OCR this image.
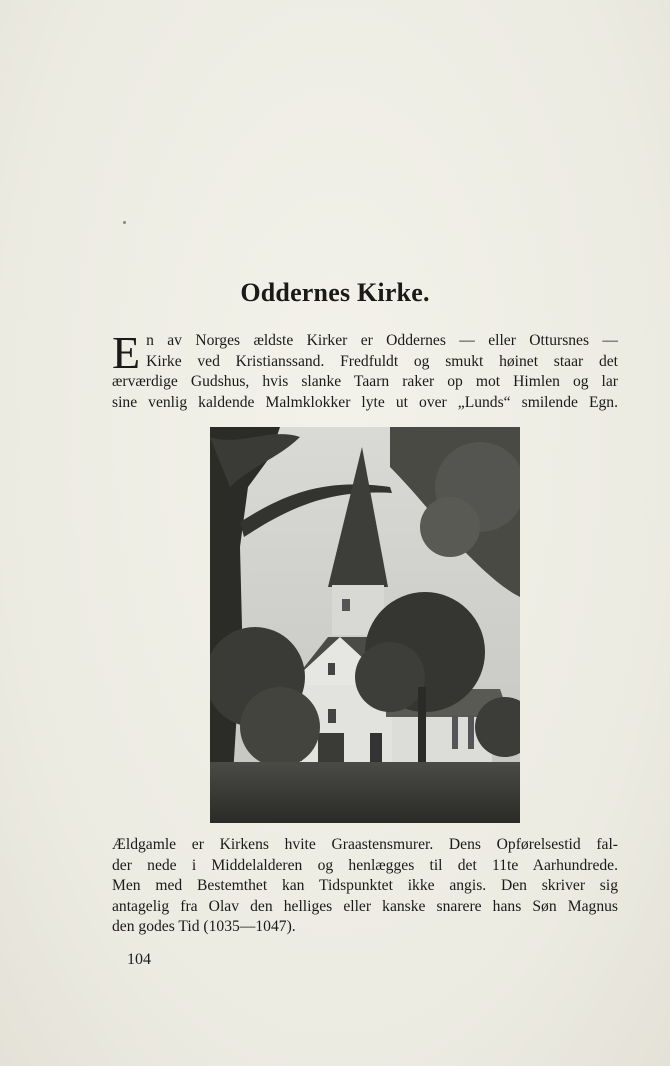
Oddernes Kirke.
E n av Norges ældste Kirker er Oddernes — eller Ottursnes —
Kirke ved Kristianssand. Fredfuldt og smukt høinet staar det
ærværdige Gudshus, hvis slanke Taarn raker op mot Himlen og lar
sine venlig kaldende Malmklokker lyte ut over „Lunds“ smilende Egn.
Ældgamle er Kirkens hvite Graastensmurer. Dens Opførelsestid fal-
der nede i Middelalderen og henlægges til det 11te Aarhundrede.
Men med Bestemthet kan Tidspunktet ikke angis. Den skriver sig
antagelig fra Olav den helliges eller kanske snarere hans Søn Magnus
den godes Tid (1035—1047).
104
